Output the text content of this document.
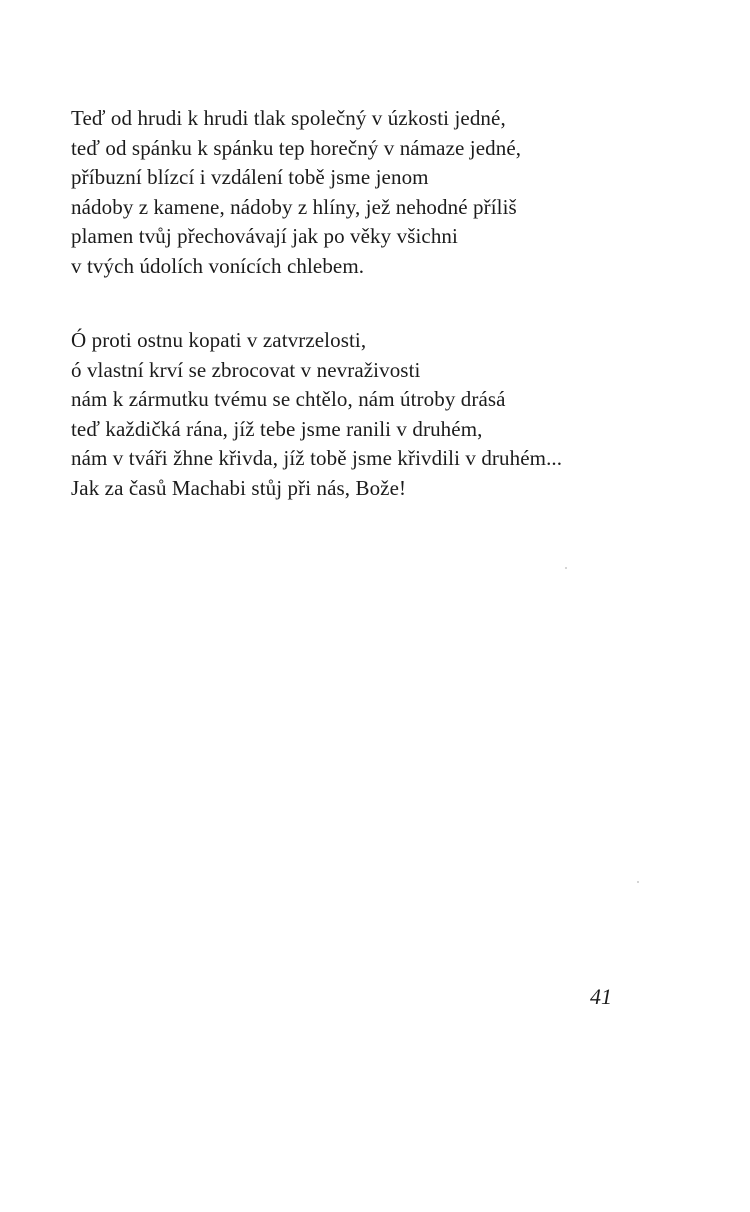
Teď od hrudi k hrudi tlak společný v úzkosti jedné,
teď od spánku k spánku tep horečný v námaze jedné,
příbuzní blízcí i vzdálení tobě jsme jenom
nádoby z kamene, nádoby z hlíny, jež nehodné příliš
plamen tvůj přechovávají jak po věky všichni
v tvých údolích vonících chlebem.
Ó proti ostnu kopati v zatvrzelosti,
ó vlastní krví se zbrocovat v nevraživosti
nám k zármutku tvému se chtělo, nám útroby drásá
teď každičká rána, jíž tebe jsme ranili v druhém,
nám v tváři žhne křivda, jíž tobě jsme křivdili v druhém...
Jak za časů Machabi stůj při nás, Bože!
41
